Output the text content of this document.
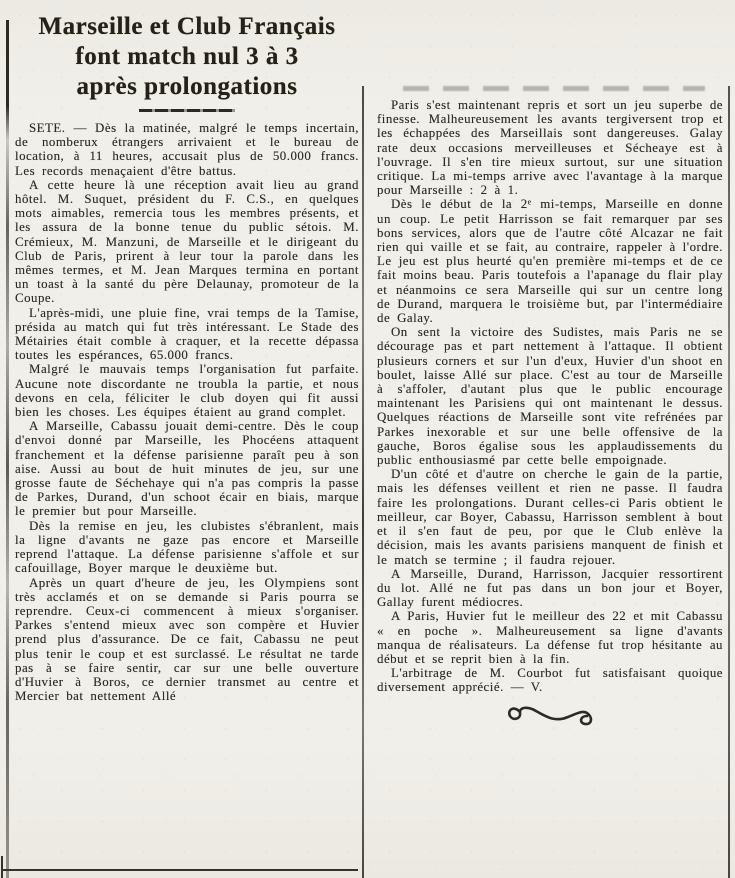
Marseille et Club Français
font match nul 3 à 3
après prolongations

SETE. — Dès la matinée, malgré le temps incertain, de nomberux étrangers arrivaient et le bureau de location, à 11 heures, accusait plus de 50.000 francs. Les records menaçaient d'être battus.

A cette heure là une réception avait lieu au grand hôtel. M. Suquet, président du F. C.S., en quelques mots aimables, remercia tous les membres présents, et les assura de la bonne tenue du public sétois. M. Crémieux, M. Manzuni, de Marseille et le dirigeant du Club de Paris, prirent à leur tour la parole dans les mêmes termes, et M. Jean Marques termina en portant un toast à la santé du père Delaunay, promoteur de la Coupe.

L'après-midi, une pluie fine, vrai temps de la Tamise, présida au match qui fut très intéressant. Le Stade des Métairies était comble à craquer, et la recette dépassa toutes les espérances, 65.000 francs.

Malgré le mauvais temps l'organisation fut parfaite. Aucune note discordante ne troubla la partie, et nous devons en cela, féliciter le club doyen qui fit aussi bien les choses. Les équipes étaient au grand complet.

A Marseille, Cabassu jouait demi-centre. Dès le coup d'envoi donné par Marseille, les Phocéens attaquent franchement et la défense parisienne paraît peu à son aise. Aussi au bout de huit minutes de jeu, sur une grosse faute de Séchehaye qui n'a pas compris la passe de Parkes, Durand, d'un schoot écair en biais, marque le premier but pour Marseille.

Dès la remise en jeu, les clubistes s'ébranlent, mais la ligne d'avants ne gaze pas encore et Marseille reprend l'attaque. La défense parisienne s'affole et sur cafouillage, Boyer marque le deuxième but.

Après un quart d'heure de jeu, les Olympiens sont très acclamés et on se demande si Paris pourra se reprendre. Ceux-ci commencent à mieux s'organiser. Parkes s'entend mieux avec son compère et Huvier prend plus d'assurance. De ce fait, Cabassu ne peut plus tenir le coup et est surclassé. Le résultat ne tarde pas à se faire sentir, car sur une belle ouverture d'Huvier à Boros, ce dernier transmet au centre et Mercier bat nettement Allé

Paris s'est maintenant repris et sort un jeu superbe de finesse. Malheureusement les avants tergiversent trop et les échappées des Marseillais sont dangereuses. Galay rate deux occasions merveilleuses et Sécheaye est à l'ouvrage. Il s'en tire mieux surtout, sur une situation critique. La mi-temps arrive avec l'avantage à la marque pour Marseille : 2 à 1.

Dès le début de la 2ᵉ mi-temps, Marseille en donne un coup. Le petit Harrisson se fait remarquer par ses bons services, alors que de l'autre côté Alcazar ne fait rien qui vaille et se fait, au contraire, rappeler à l'ordre. Le jeu est plus heurté qu'en première mi-temps et de ce fait moins beau. Paris toutefois a l'apanage du flair play et néanmoins ce sera Marseille qui sur un centre long de Durand, marquera le troisième but, par l'intermédiaire de Galay.

On sent la victoire des Sudistes, mais Paris ne se décourage pas et part nettement à l'attaque. Il obtient plusieurs corners et sur l'un d'eux, Huvier d'un shoot en boulet, laisse Allé sur place. C'est au tour de Marseille à s'affoler, d'autant plus que le public encourage maintenant les Parisiens qui ont maintenant le dessus. Quelques réactions de Marseille sont vite refrénées par Parkes inexorable et sur une belle offensive de la gauche, Boros égalise sous les applaudissements du public enthousiasmé par cette belle empoignade.

D'un côté et d'autre on cherche le gain de la partie, mais les défenses veillent et rien ne passe. Il faudra faire les prolongations. Durant celles-ci Paris obtient le meilleur, car Boyer, Cabassu, Harrisson semblent à bout et il s'en faut de peu, por que le Club enlève la décision, mais les avants parisiens manquent de finish et le match se termine ; il faudra rejouer.

A Marseille, Durand, Harrisson, Jacquier ressortirent du lot. Allé ne fut pas dans un bon jour et Boyer, Gallay furent médiocres.

A Paris, Huvier fut le meilleur des 22 et mit Cabassu « en poche ». Malheureusement sa ligne d'avants manqua de réalisateurs. La défense fut trop hésitante au début et se reprit bien à la fin.

L'arbitrage de M. Courbot fut satisfaisant quoique diversement apprécié. — V.
